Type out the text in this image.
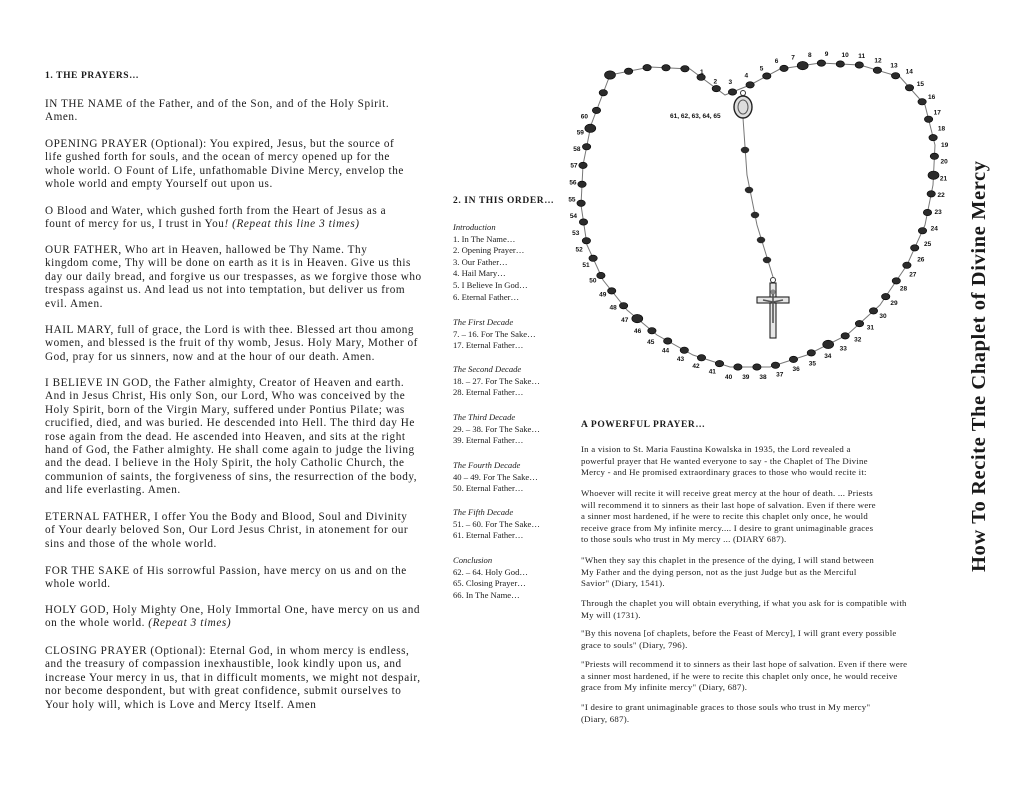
1. THE PRAYERS…

IN THE NAME of the Father, and of the Son, and of the Holy Spirit.

Amen.

OPENING PRAYER (Optional): You expired, Jesus, but the source of

life gushed forth for souls, and the ocean of mercy opened up for the

whole world. O Fount of Life, unfathomable Divine Mercy, envelop the

whole world and empty Yourself out upon us.

O Blood and Water, which gushed forth from the Heart of Jesus as a

fount of mercy for us, I trust in You! (Repeat this line 3 times)

OUR FATHER, Who art in Heaven, hallowed be Thy Name. Thy

kingdom come, Thy will be done on earth as it is in Heaven. Give us this

day our daily bread, and forgive us our trespasses, as we forgive those who

trespass against us. And lead us not into temptation, but deliver us from

evil. Amen.

HAIL MARY, full of grace, the Lord is with thee. Blessed art thou among

women, and blessed is the fruit of thy womb, Jesus. Holy Mary, Mother of

God, pray for us sinners, now and at the hour of our death. Amen.

I BELIEVE IN GOD, the Father almighty, Creator of Heaven and earth.

And in Jesus Christ, His only Son, our Lord, Who was conceived by the

Holy Spirit, born of the Virgin Mary, suffered under Pontius Pilate; was

crucified, died, and was buried. He descended into Hell. The third day He

rose again from the dead. He ascended into Heaven, and sits at the right

hand of God, the Father almighty. He shall come again to judge the living

and the dead. I believe in the Holy Spirit, the holy Catholic Church, the

communion of saints, the forgiveness of sins, the resurrection of the body,

and life everlasting. Amen.

ETERNAL FATHER, I offer You the Body and Blood, Soul and Divinity

of Your dearly beloved Son, Our Lord Jesus Christ, in atonement for our

sins and those of the whole world.

FOR THE SAKE of His sorrowful Passion, have mercy on us and on the

whole world.

HOLY GOD, Holy Mighty One, Holy Immortal One, have mercy on us and

on the whole world. (Repeat 3 times)

CLOSING PRAYER (Optional): Eternal God, in whom mercy is endless,

and the treasury of compassion inexhaustible, look kindly upon us, and

increase Your mercy in us, that in difficult moments, we might not despair,

nor become despondent, but with great confidence, submit ourselves to

Your holy will, which is Love and Mercy Itself. Amen

2. IN THIS ORDER…
Introduction
1. In The Name…
2. Opening Prayer…
3. Our Father…
4. Hail Mary…
5. I Believe In God…
6. Eternal Father…
The First Decade
7. – 16. For The Sake…
17. Eternal Father…
The Second Decade
18. – 27. For The Sake…
28. Eternal Father…
The Third Decade
29. – 38. For The Sake…
39. Eternal Father…
The Fourth Decade
40 – 49. For The Sake…
50. Eternal Father…
The Fifth Decade
51. – 60. For The Sake…
61. Eternal Father…
Conclusion
62. – 64. Holy God…
65. Closing Prayer…
66. In The Name…
1
2 3
4
5
6 7 8 9 10 11
12
13
14
15
16
17
18
19
20
21
22
23
24
25
26
27
28
29
30
31
32
33
34
35
36
37
38
39
40
41
42
43
44
45
46
47
48
49
50
51
52
53
54
55
56
57
58
59
60	61, 62, 63, 64, 65
A POWERFUL PRAYER…

In a vision to St. Maria Faustina Kowalska in 1935, the Lord revealed a

powerful prayer that He wanted everyone to say - the Chaplet of The Divine

Mercy - and He promised extraordinary graces to those who would recite it:

Whoever will recite it will receive great mercy at the hour of death. ... Priests

will recommend it to sinners as their last hope of salvation. Even if there were

a sinner most hardened, if he were to recite this chaplet only once, he would

receive grace from My infinite mercy.... I desire to grant unimaginable graces

to those souls who trust in My mercy ... (DIARY 687).

"When they say this chaplet in the presence of the dying, I will stand between

My Father and the dying person, not as the just Judge but as the Merciful

Savior" (Diary, 1541).

Through the chaplet you will obtain everything, if what you ask for is compatible with

My will (1731).

"By this novena [of chaplets, before the Feast of Mercy], I will grant every possible

grace to souls" (Diary, 796).

"Priests will recommend it to sinners as their last hope of salvation. Even if there were

a sinner most hardened, if he were to recite this chaplet only once, he would receive

grace from My infinite mercy" (Diary, 687).

"I desire to grant unimaginable graces to those souls who trust in My mercy"

(Diary, 687).

How To Recite The Chaplet of Divine Mercy
